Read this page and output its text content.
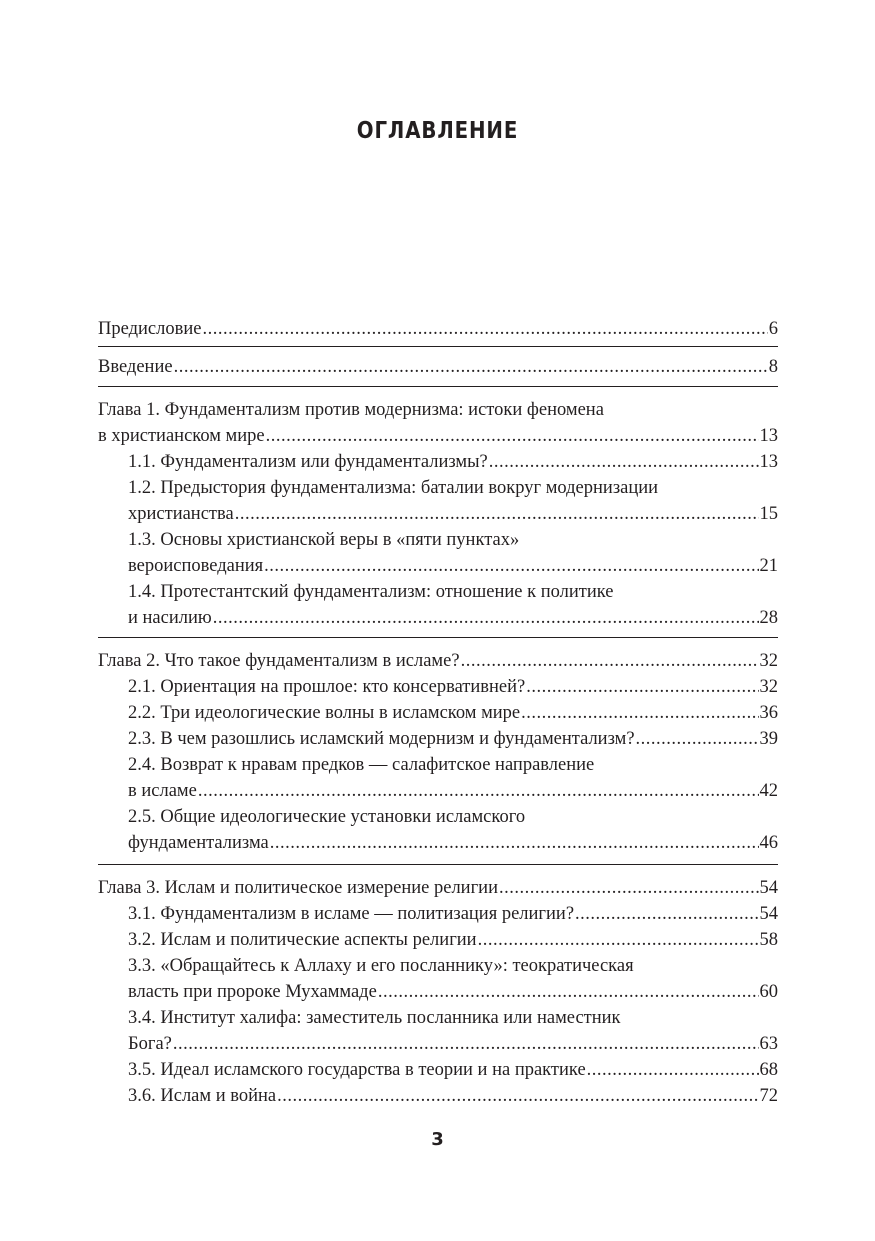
ОГЛАВЛЕНИЕ
Предисловие .....	6
Введение .....	8
Глава 1. Фундаментализм против модернизма: истоки феномена
в христианском мире .....	13
1.1. Фундаментализм или фундаментализмы? .....	13
1.2. Предыстория фундаментализма: баталии вокруг модернизации
христианства .....	15
1.3. Основы христианской веры в «пяти пунктах»
вероисповедания .....	21
1.4. Протестантский фундаментализм: отношение к политике
и насилию .....	28
Глава 2. Что такое фундаментализм в исламе? .....	32
2.1. Ориентация на прошлое: кто консервативней? .....	32
2.2. Три идеологические волны в исламском мире .....	36
2.3. В чем разошлись исламский модернизм и фундаментализм? .....	39
2.4. Возврат к нравам предков — салафитское направление
в исламе .....	42
2.5. Общие идеологические установки исламского
фундаментализма .....	46
Глава 3. Ислам и политическое измерение религии .....	54
3.1. Фундаментализм в исламе — политизация религии? .....	54
3.2. Ислам и политические аспекты религии .....	58
3.3. «Обращайтесь к Аллаху и его посланнику»: теократическая
власть при пророке Мухаммаде .....	60
3.4. Институт халифа: заместитель посланника или наместник
Бога? .....	63
3.5. Идеал исламского государства в теории и на практике .....	68
3.6. Ислам и война .....	72
3
